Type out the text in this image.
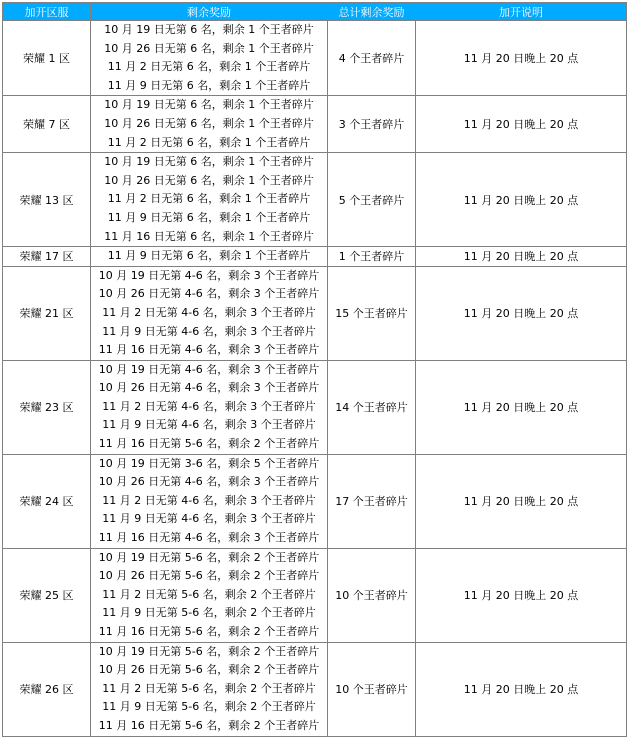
加开区服	剩余奖励	总计剩余奖励	加开说明
荣耀 1 区	10 月 19 日无第 6 名，剩余 1 个王者碎片
10 月 26 日无第 6 名，剩余 1 个王者碎片
11 月 2 日无第 6 名，剩余 1 个王者碎片
11 月 9 日无第 6 名，剩余 1 个王者碎片	4 个王者碎片	11 月 20 日晚上 20 点
荣耀 7 区	10 月 19 日无第 6 名，剩余 1 个王者碎片
10 月 26 日无第 6 名，剩余 1 个王者碎片
11 月 2 日无第 6 名，剩余 1 个王者碎片	3 个王者碎片	11 月 20 日晚上 20 点
荣耀 13 区	10 月 19 日无第 6 名，剩余 1 个王者碎片
10 月 26 日无第 6 名，剩余 1 个王者碎片
11 月 2 日无第 6 名，剩余 1 个王者碎片
11 月 9 日无第 6 名，剩余 1 个王者碎片
11 月 16 日无第 6 名，剩余 1 个王者碎片	5 个王者碎片	11 月 20 日晚上 20 点
荣耀 17 区	11 月 9 日无第 6 名，剩余 1 个王者碎片	1 个王者碎片	11 月 20 日晚上 20 点
荣耀 21 区	10 月 19 日无第 4-6 名，剩余 3 个王者碎片
10 月 26 日无第 4-6 名，剩余 3 个王者碎片
11 月 2 日无第 4-6 名，剩余 3 个王者碎片
11 月 9 日无第 4-6 名，剩余 3 个王者碎片
11 月 16 日无第 4-6 名，剩余 3 个王者碎片	15 个王者碎片	11 月 20 日晚上 20 点
荣耀 23 区	10 月 19 日无第 4-6 名，剩余 3 个王者碎片
10 月 26 日无第 4-6 名，剩余 3 个王者碎片
11 月 2 日无第 4-6 名，剩余 3 个王者碎片
11 月 9 日无第 4-6 名，剩余 3 个王者碎片
11 月 16 日无第 5-6 名，剩余 2 个王者碎片	14 个王者碎片	11 月 20 日晚上 20 点
荣耀 24 区	10 月 19 日无第 3-6 名，剩余 5 个王者碎片
10 月 26 日无第 4-6 名，剩余 3 个王者碎片
11 月 2 日无第 4-6 名，剩余 3 个王者碎片
11 月 9 日无第 4-6 名，剩余 3 个王者碎片
11 月 16 日无第 4-6 名，剩余 3 个王者碎片	17 个王者碎片	11 月 20 日晚上 20 点
荣耀 25 区	10 月 19 日无第 5-6 名，剩余 2 个王者碎片
10 月 26 日无第 5-6 名，剩余 2 个王者碎片
11 月 2 日无第 5-6 名，剩余 2 个王者碎片
11 月 9 日无第 5-6 名，剩余 2 个王者碎片
11 月 16 日无第 5-6 名，剩余 2 个王者碎片	10 个王者碎片	11 月 20 日晚上 20 点
荣耀 26 区	10 月 19 日无第 5-6 名，剩余 2 个王者碎片
10 月 26 日无第 5-6 名，剩余 2 个王者碎片
11 月 2 日无第 5-6 名，剩余 2 个王者碎片
11 月 9 日无第 5-6 名，剩余 2 个王者碎片
11 月 16 日无第 5-6 名，剩余 2 个王者碎片	10 个王者碎片	11 月 20 日晚上 20 点
